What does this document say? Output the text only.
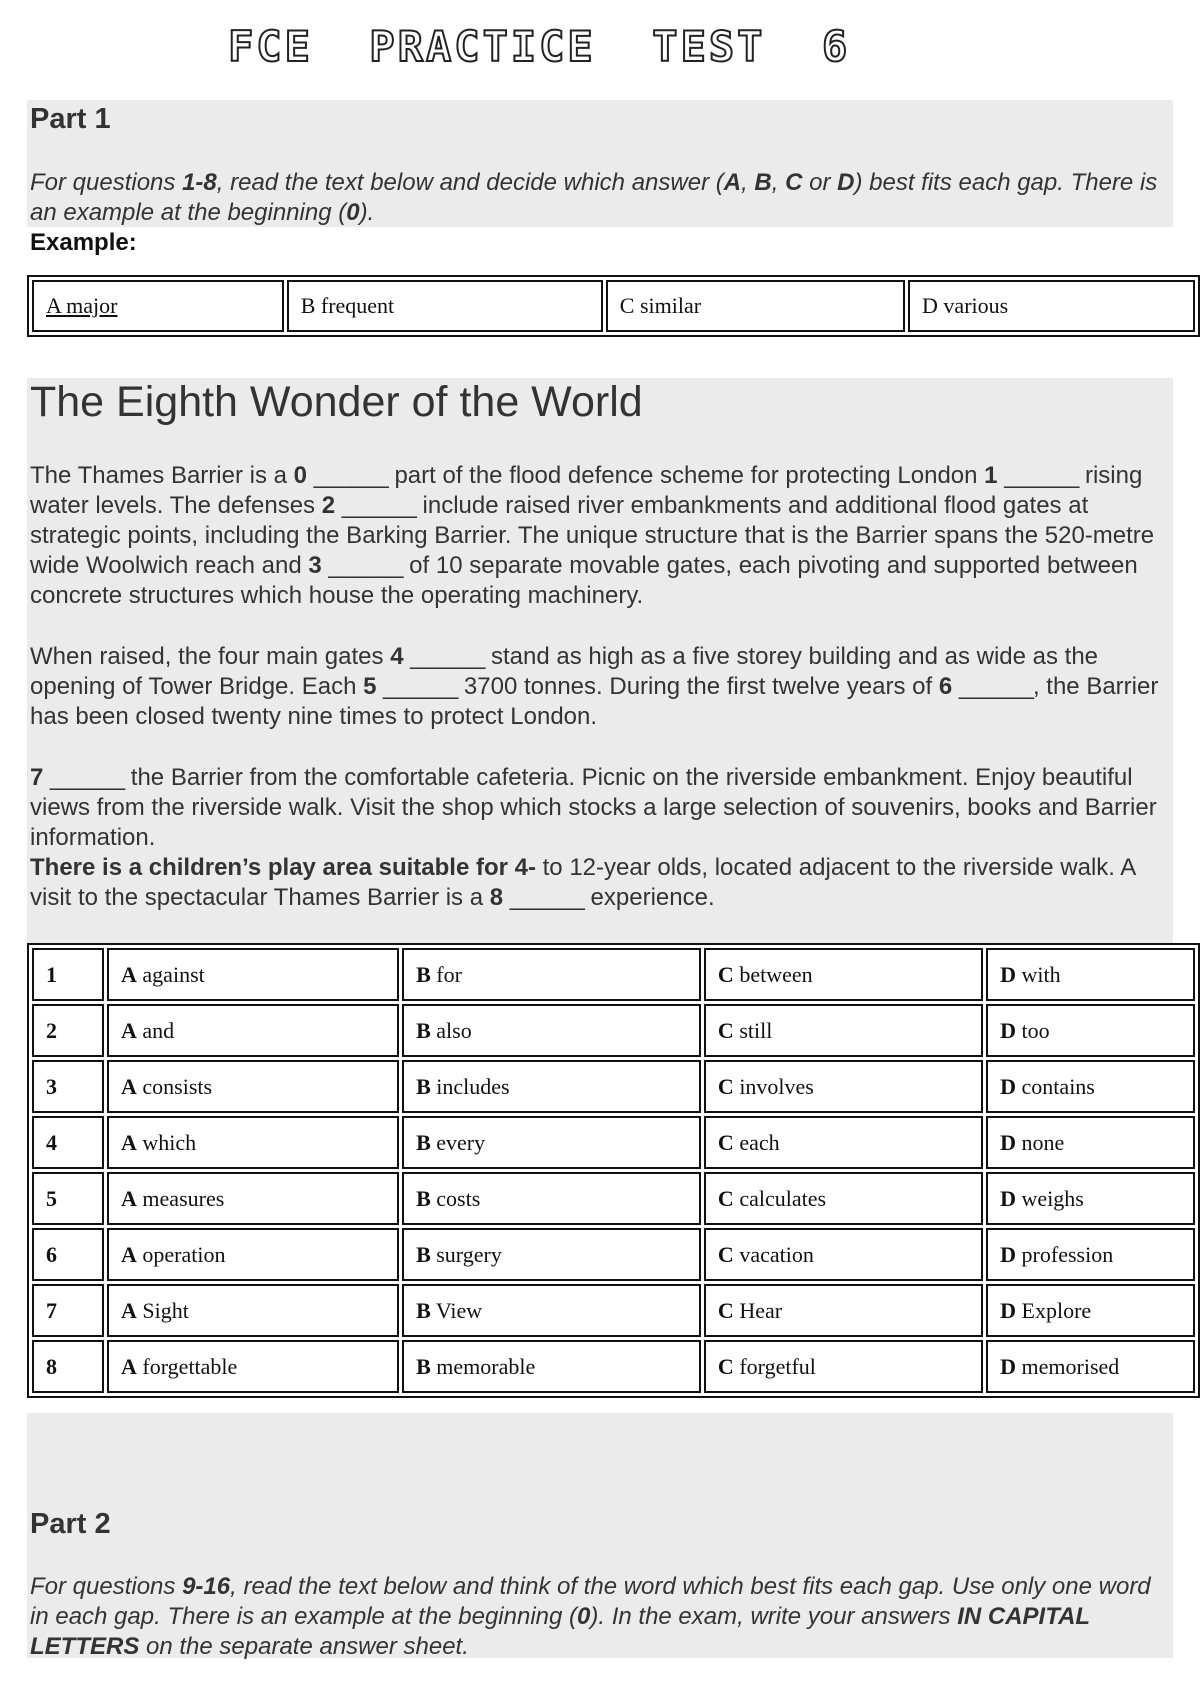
FCE  PRACTICE  TEST  6
Part 1
For questions 1-8, read the text below and decide which answer (A, B, C or D) best fits each gap. There is an example at the beginning (0).
Example:
A major	B frequent	C similar	D various
The Eighth Wonder of the World
The Thames Barrier is a 0 ______ part of the flood defence scheme for protecting London 1 ______ rising water levels. The defenses 2 ______ include raised river embankments and additional flood gates at strategic points, including the Barking Barrier. The unique structure that is the Barrier spans the 520-metre wide Woolwich reach and 3 ______ of 10 separate movable gates, each pivoting and supported between concrete structures which house the operating machinery.
When raised, the four main gates 4 ______ stand as high as a five storey building and as wide as the opening of Tower Bridge. Each 5 ______ 3700 tonnes. During the first twelve years of 6 ______, the Barrier has been closed twenty nine times to protect London.
7 ______ the Barrier from the comfortable cafeteria. Picnic on the riverside embankment. Enjoy beautiful views from the riverside walk. Visit the shop which stocks a large selection of souvenirs, books and Barrier information.
There is a children’s play area suitable for 4- to 12-year olds, located adjacent to the riverside walk. A visit to the spectacular Thames Barrier is a 8 ______ experience.
1	A against	B for	C between	D with
2	A and	B also	C still	D too
3	A consists	B includes	C involves	D contains
4	A which	B every	C each	D none
5	A measures	B costs	C calculates	D weighs
6	A operation	B surgery	C vacation	D profession
7	A Sight	B View	C Hear	D Explore
8	A forgettable	B memorable	C forgetful	D memorised
Part 2
For questions 9-16, read the text below and think of the word which best fits each gap. Use only one word in each gap. There is an example at the beginning (0). In the exam, write your answers IN CAPITAL LETTERS on the separate answer sheet.
